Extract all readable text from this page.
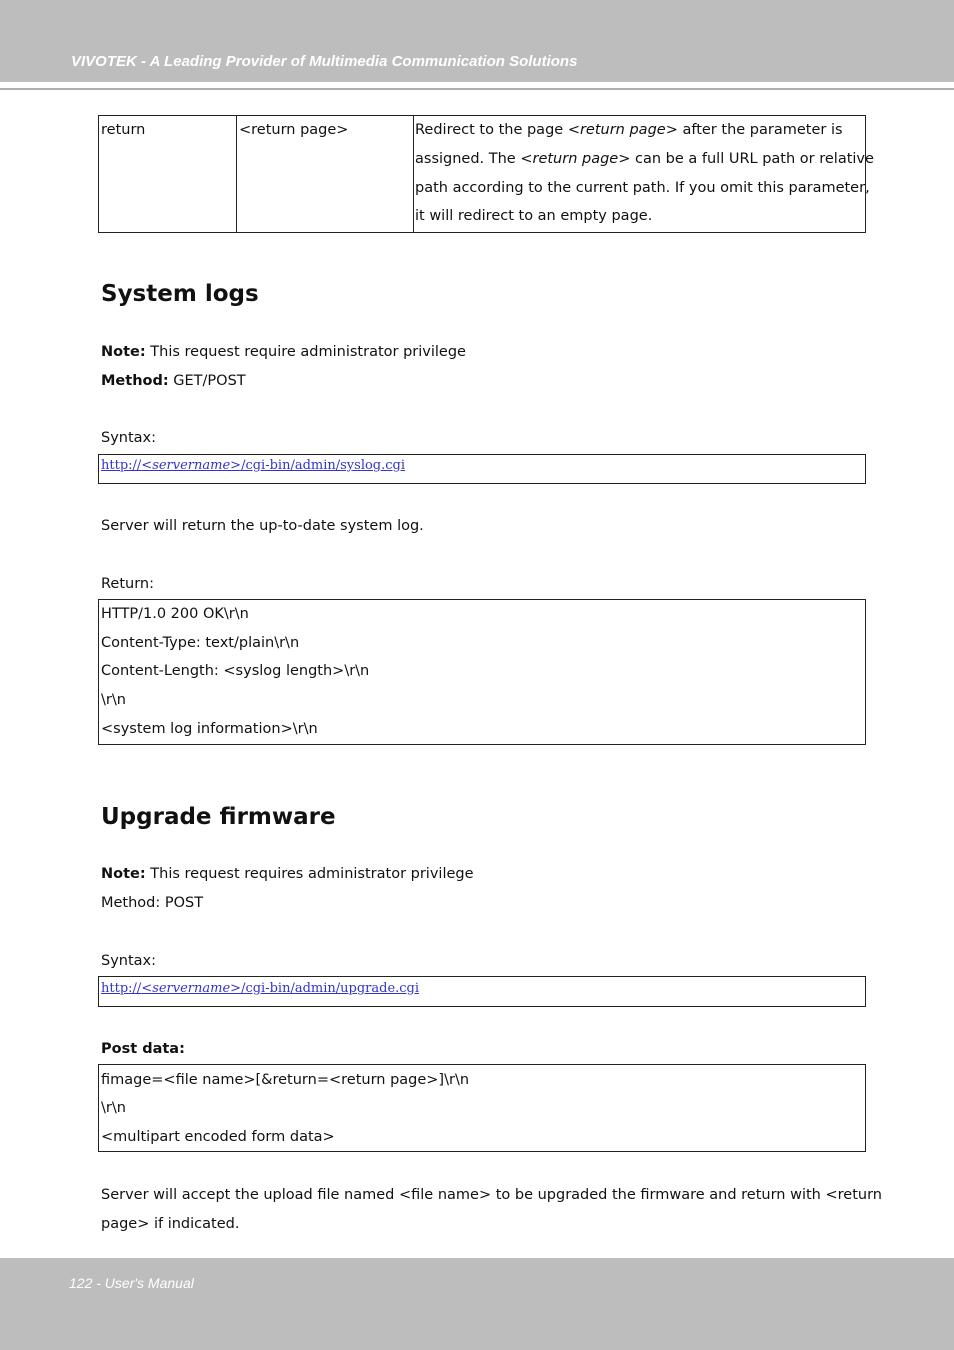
VIVOTEK - A Leading Provider of Multimedia Communication Solutions
return	<return page>	Redirect to the page <return page> after the parameter is
assigned. The <return page> can be a full URL path or relative
path according to the current path. If you omit this parameter,
it will redirect to an empty page.
System logs
Note: This request require administrator privilege
Method: GET/POST
Syntax:
http://<servername>/cgi-bin/admin/syslog.cgi
Server will return the up-to-date system log.
Return:
HTTP/1.0 200 OK\r\n
Content-Type: text/plain\r\n
Content-Length: <syslog length>\r\n
\r\n
<system log information>\r\n
Upgrade firmware
Note: This request requires administrator privilege
Method: POST
Syntax:
http://<servername>/cgi-bin/admin/upgrade.cgi
Post data:
fimage=<file name>[&return=<return page>]\r\n
\r\n
<multipart encoded form data>
Server will accept the upload file named <file name> to be upgraded the firmware and return with <return
page> if indicated.
122 - User's Manual
